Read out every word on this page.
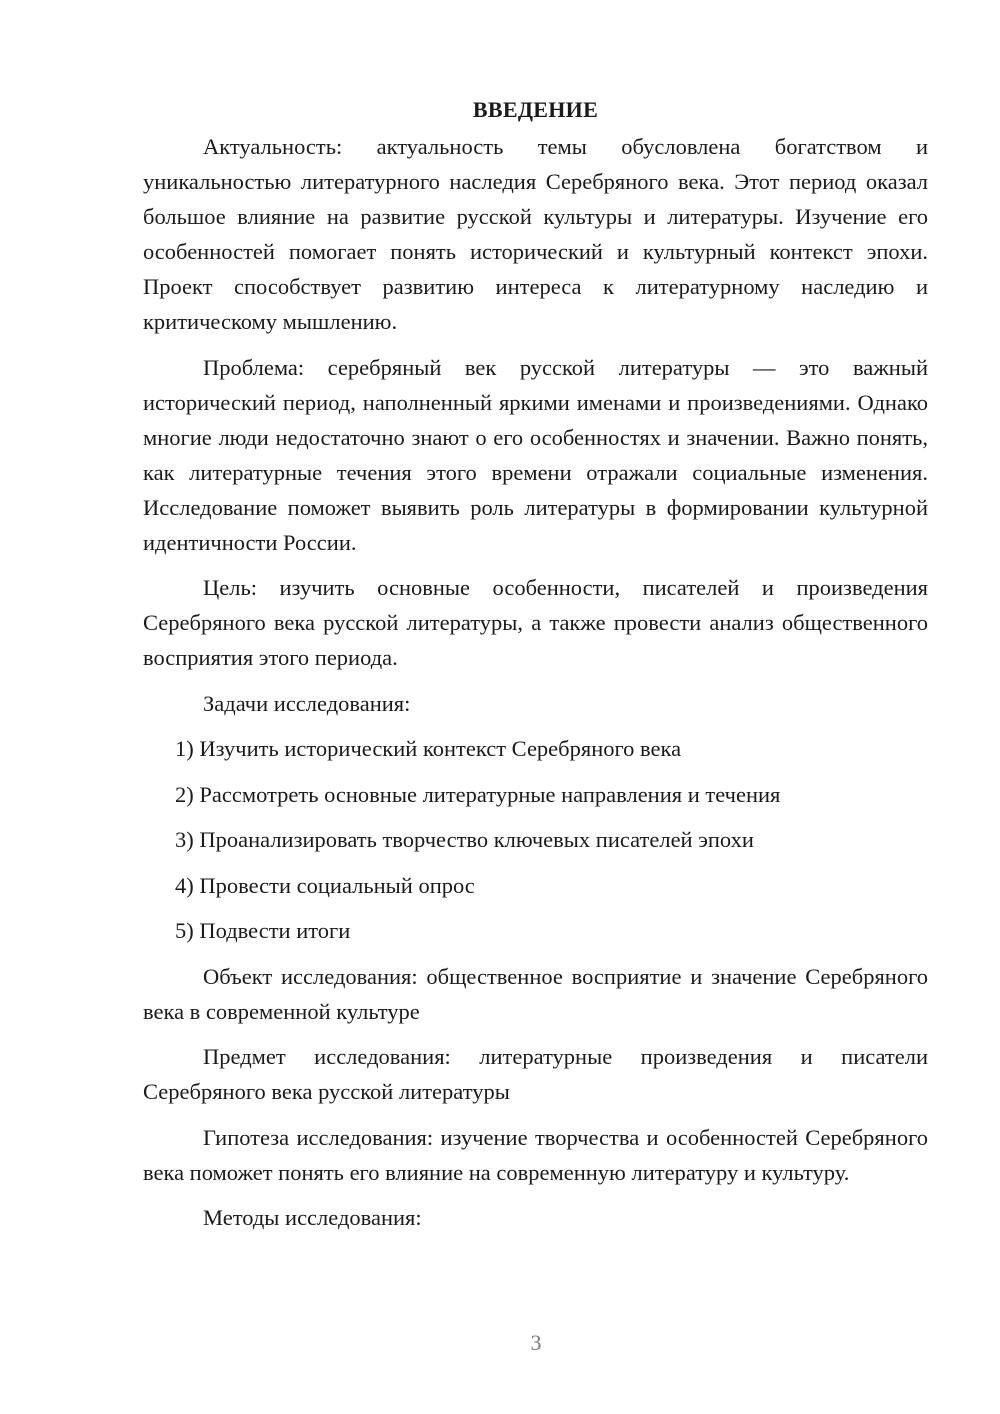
ВВЕДЕНИЕ

Актуальность: актуальность темы обусловлена богатством и уникальностью литературного наследия Серебряного века. Этот период оказал большое влияние на развитие русской культуры и литературы. Изучение его особенностей помогает понять исторический и культурный контекст эпохи. Проект способствует развитию интереса к литературному наследию и критическому мышлению.

Проблема: серебряный век русской литературы — это важный исторический период, наполненный яркими именами и произведениями. Однако многие люди недостаточно знают о его особенностях и значении. Важно понять, как литературные течения этого времени отражали социальные изменения. Исследование поможет выявить роль литературы в формировании культурной идентичности России.

Цель: изучить основные особенности, писателей и произведения Серебряного века русской литературы, а также провести анализ общественного восприятия этого периода.

Задачи исследования:

1) Изучить исторический контекст Серебряного века
2) Рассмотреть основные литературные направления и течения
3) Проанализировать творчество ключевых писателей эпохи
4) Провести социальный опрос
5) Подвести итоги

Объект исследования: общественное восприятие и значение Серебряного века в современной культуре

Предмет исследования: литературные произведения и писатели Серебряного века русской литературы

Гипотеза исследования: изучение творчества и особенностей Серебряного века поможет понять его влияние на современную литературу и культуру.

Методы исследования:

3
